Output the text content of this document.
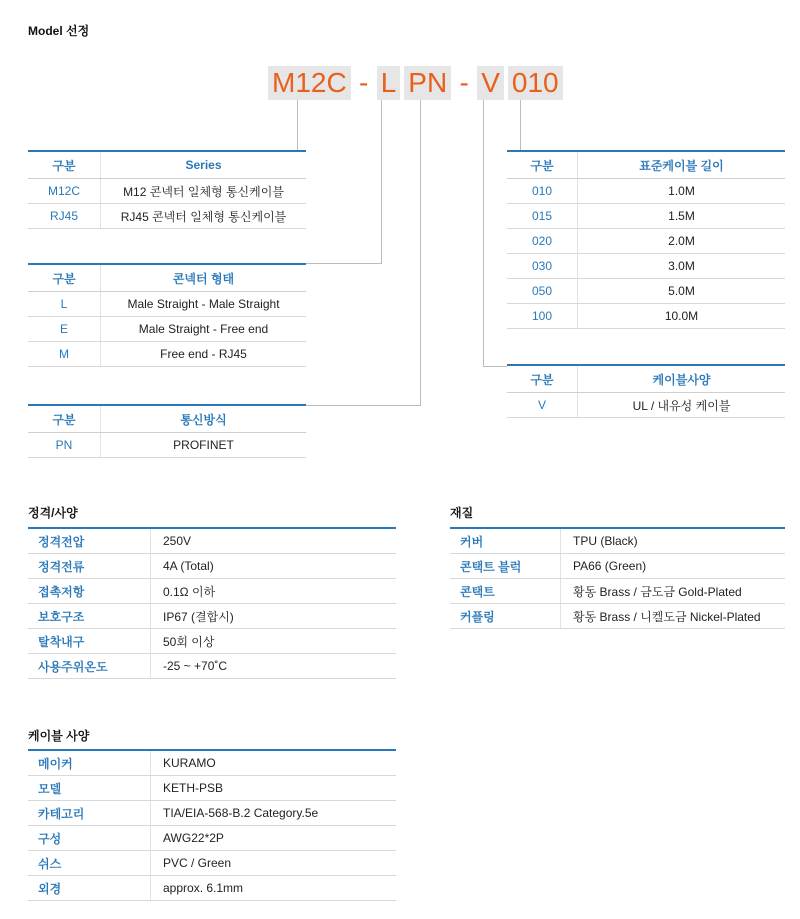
Model 선정
M12C - L PN - V 010
구분	Series
M12C	M12 콘넥터 일체형 통신케이블
RJ45	RJ45 콘넥터 일체형 통신케이블
구분	콘넥터 형태
L	Male Straight - Male Straight
E	Male Straight - Free end
M	Free end - RJ45
구분	통신방식
PN	PROFINET
구분	표준케이블 길이
010	1.0M
015	1.5M
020	2.0M
030	3.0M
050	5.0M
100	10.0M
구분	케이블사양
V	UL / 내유성 케이블
정격/사양
정격전압	250V
정격전류	4A (Total)
접촉저항	0.1Ω 이하
보호구조	IP67 (결합시)
탈착내구	50회 이상
사용주위온도	-25 ~ +70˚C
재질
커버	TPU (Black)
콘택트 블럭	PA66 (Green)
콘택트	황동 Brass / 금도금 Gold-Plated
커플링	황동 Brass / 니켈도금 Nickel-Plated
케이블 사양
메이커	KURAMO
모델	KETH-PSB
카테고리	TIA/EIA-568-B.2 Category.5e
구성	AWG22*2P
쉬스	PVC / Green
외경	approx. 6.1mm
